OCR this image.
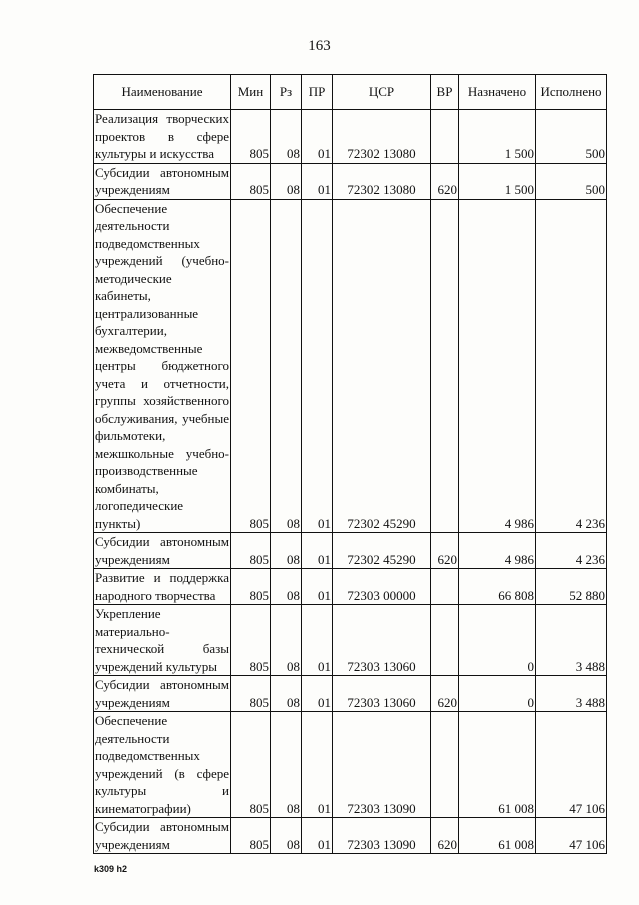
163
Наименование	Мин	Рз	ПР	ЦСР	ВР	Назначено	Исполнено
Реализация творческих проектов в сфере культуры и искусства	805	08	01	72302 13080		1 500	500
Субсидии автономным учреждениям	805	08	01	72302 13080	620	1 500	500
Обеспечение деятельности подведомственных учреждений (учебно-методические кабинеты, централизованные бухгалтерии, межведомственные центры бюджетного учета и отчетности, группы хозяйственного обслуживания, учебные фильмотеки, межшкольные учебно-производственные комбинаты, логопедические пункты)	805	08	01	72302 45290		4 986	4 236
Субсидии автономным учреждениям	805	08	01	72302 45290	620	4 986	4 236
Развитие и поддержка народного творчества	805	08	01	72303 00000		66 808	52 880
Укрепление материально-технической базы учреждений культуры	805	08	01	72303 13060		0	3 488
Субсидии автономным учреждениям	805	08	01	72303 13060	620	0	3 488
Обеспечение деятельности подведомственных учреждений (в сфере культуры и кинематографии)	805	08	01	72303 13090		61 008	47 106
Субсидии автономным учреждениям	805	08	01	72303 13090	620	61 008	47 106
k309 h2
